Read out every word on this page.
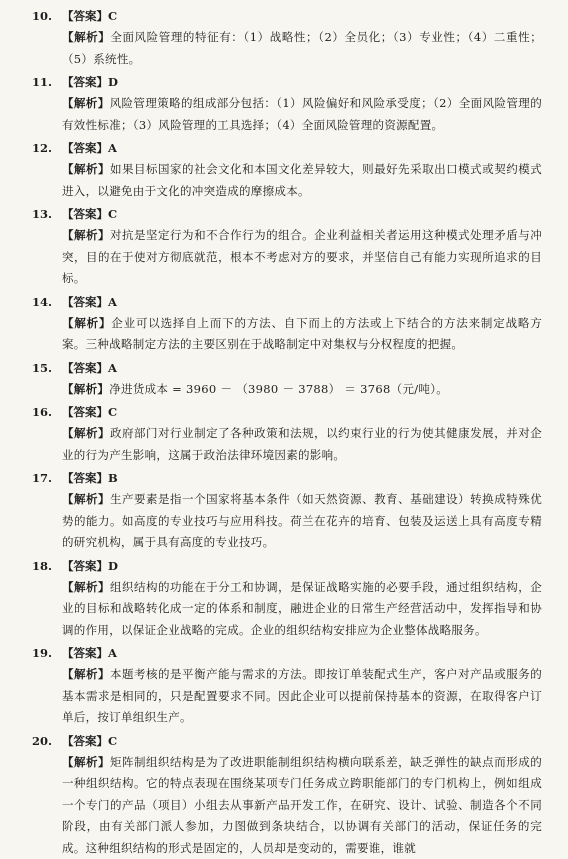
10. 【答案】C
【解析】全面风险管理的特征有：（1）战略性；（2）全员化；（3）专业性；（4）二重性；（5）系统性。
11. 【答案】D
【解析】风险管理策略的组成部分包括：（1）风险偏好和风险承受度；（2）全面风险管理的有效性标准；（3）风险管理的工具选择；（4）全面风险管理的资源配置。
12. 【答案】A
【解析】如果目标国家的社会文化和本国文化差异较大，则最好先采取出口模式或契约模式进入，以避免由于文化的冲突造成的摩擦成本。
13. 【答案】C
【解析】对抗是坚定行为和不合作行为的组合。企业利益相关者运用这种模式处理矛盾与冲突，目的在于使对方彻底就范，根本不考虑对方的要求，并坚信自己有能力实现所追求的目标。
14. 【答案】A
【解析】企业可以选择自上而下的方法、自下而上的方法或上下结合的方法来制定战略方案。三种战略制定方法的主要区别在于战略制定中对集权与分权程度的把握。
15. 【答案】A
【解析】净进货成本 = 3960 － （3980 － 3788） ＝ 3768（元/吨）。
16. 【答案】C
【解析】政府部门对行业制定了各种政策和法规，以约束行业的行为使其健康发展，并对企业的行为产生影响，这属于政治法律环境因素的影响。
17. 【答案】B
【解析】生产要素是指一个国家将基本条件（如天然资源、教育、基础建设）转换成特殊优势的能力。如高度的专业技巧与应用科技。荷兰在花卉的培育、包装及运送上具有高度专精的研究机构，属于具有高度的专业技巧。
18. 【答案】D
【解析】组织结构的功能在于分工和协调，是保证战略实施的必要手段，通过组织结构，企业的目标和战略转化成一定的体系和制度，融进企业的日常生产经营活动中，发挥指导和协调的作用，以保证企业战略的完成。企业的组织结构安排应为企业整体战略服务。
19. 【答案】A
【解析】本题考核的是平衡产能与需求的方法。即按订单装配式生产，客户对产品或服务的基本需求是相同的，只是配置要求不同。因此企业可以提前保持基本的资源，在取得客户订单后，按订单组织生产。
20. 【答案】C
【解析】矩阵制组织结构是为了改进职能制组织结构横向联系差，缺乏弹性的缺点而形成的一种组织结构。它的特点表现在围绕某项专门任务成立跨职能部门的专门机构上，例如组成一个专门的产品（项目）小组去从事新产品开发工作，在研究、设计、试验、制造各个不同阶段，由有关部门派人参加，力图做到条块结合，以协调有关部门的活动，保证任务的完成。这种组织结构的形式是固定的，人员却是变动的，需要谁，谁就
